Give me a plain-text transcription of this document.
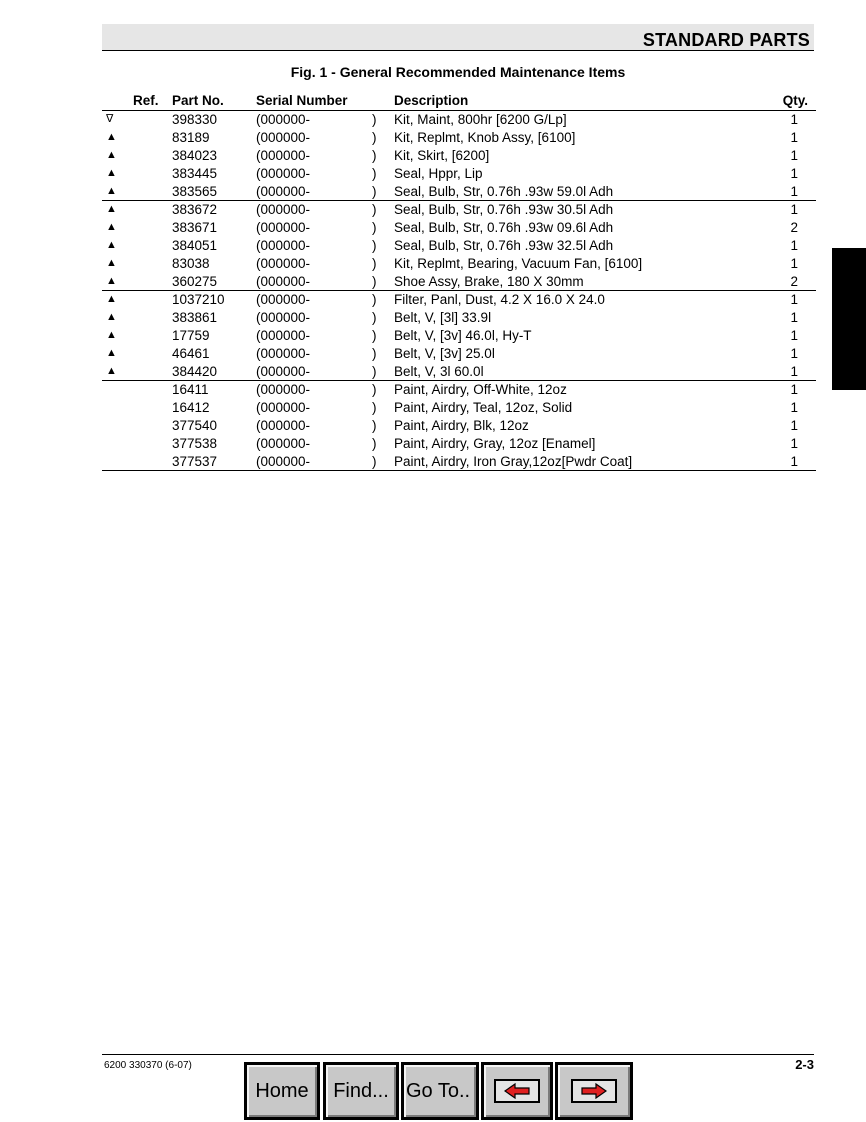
STANDARD PARTS
Fig. 1 - General Recommended Maintenance Items
Ref. Part No. Serial Number	Description	Qty.
∇	398330	(000000-	) Kit, Maint, 800hr [6200 G/Lp]	1
▲	83189	(000000-	) Kit, Replmt, Knob Assy, [6100]	1
▲	384023	(000000-	) Kit, Skirt, [6200]	1
▲	383445	(000000-	) Seal, Hppr, Lip	1
▲	383565	(000000-	) Seal, Bulb, Str, 0.76h .93w 59.0l Adh	1
▲	383672	(000000-	) Seal, Bulb, Str, 0.76h .93w 30.5l Adh	1
▲	383671	(000000-	) Seal, Bulb, Str, 0.76h .93w 09.6l Adh	2
▲	384051	(000000-	) Seal, Bulb, Str, 0.76h .93w 32.5l Adh	1
▲	83038	(000000-	) Kit, Replmt, Bearing, Vacuum Fan, [6100]	1
▲	360275	(000000-	) Shoe Assy, Brake, 180 X 30mm	2
▲	1037210 (000000-	) Filter, Panl, Dust, 4.2 X 16.0 X 24.0	1
▲	383861	(000000-	) Belt, V, [3l] 33.9l	1
▲	17759	(000000-	) Belt, V, [3v] 46.0l, Hy-T	1
▲	46461	(000000-	) Belt, V, [3v] 25.0l	1
▲	384420	(000000-	) Belt, V, 3l 60.0l	1
16411	(000000-	) Paint, Airdry, Off-White, 12oz	1
16412	(000000-	) Paint, Airdry, Teal, 12oz, Solid	1
377540	(000000-	) Paint, Airdry, Blk, 12oz	1
377538	(000000-	) Paint, Airdry, Gray, 12oz [Enamel]	1
377537	(000000-	) Paint, Airdry, Iron Gray,12oz[Pwdr Coat]	1
6200 330370 (6-07)	2-3
Home	Find... Go To..
